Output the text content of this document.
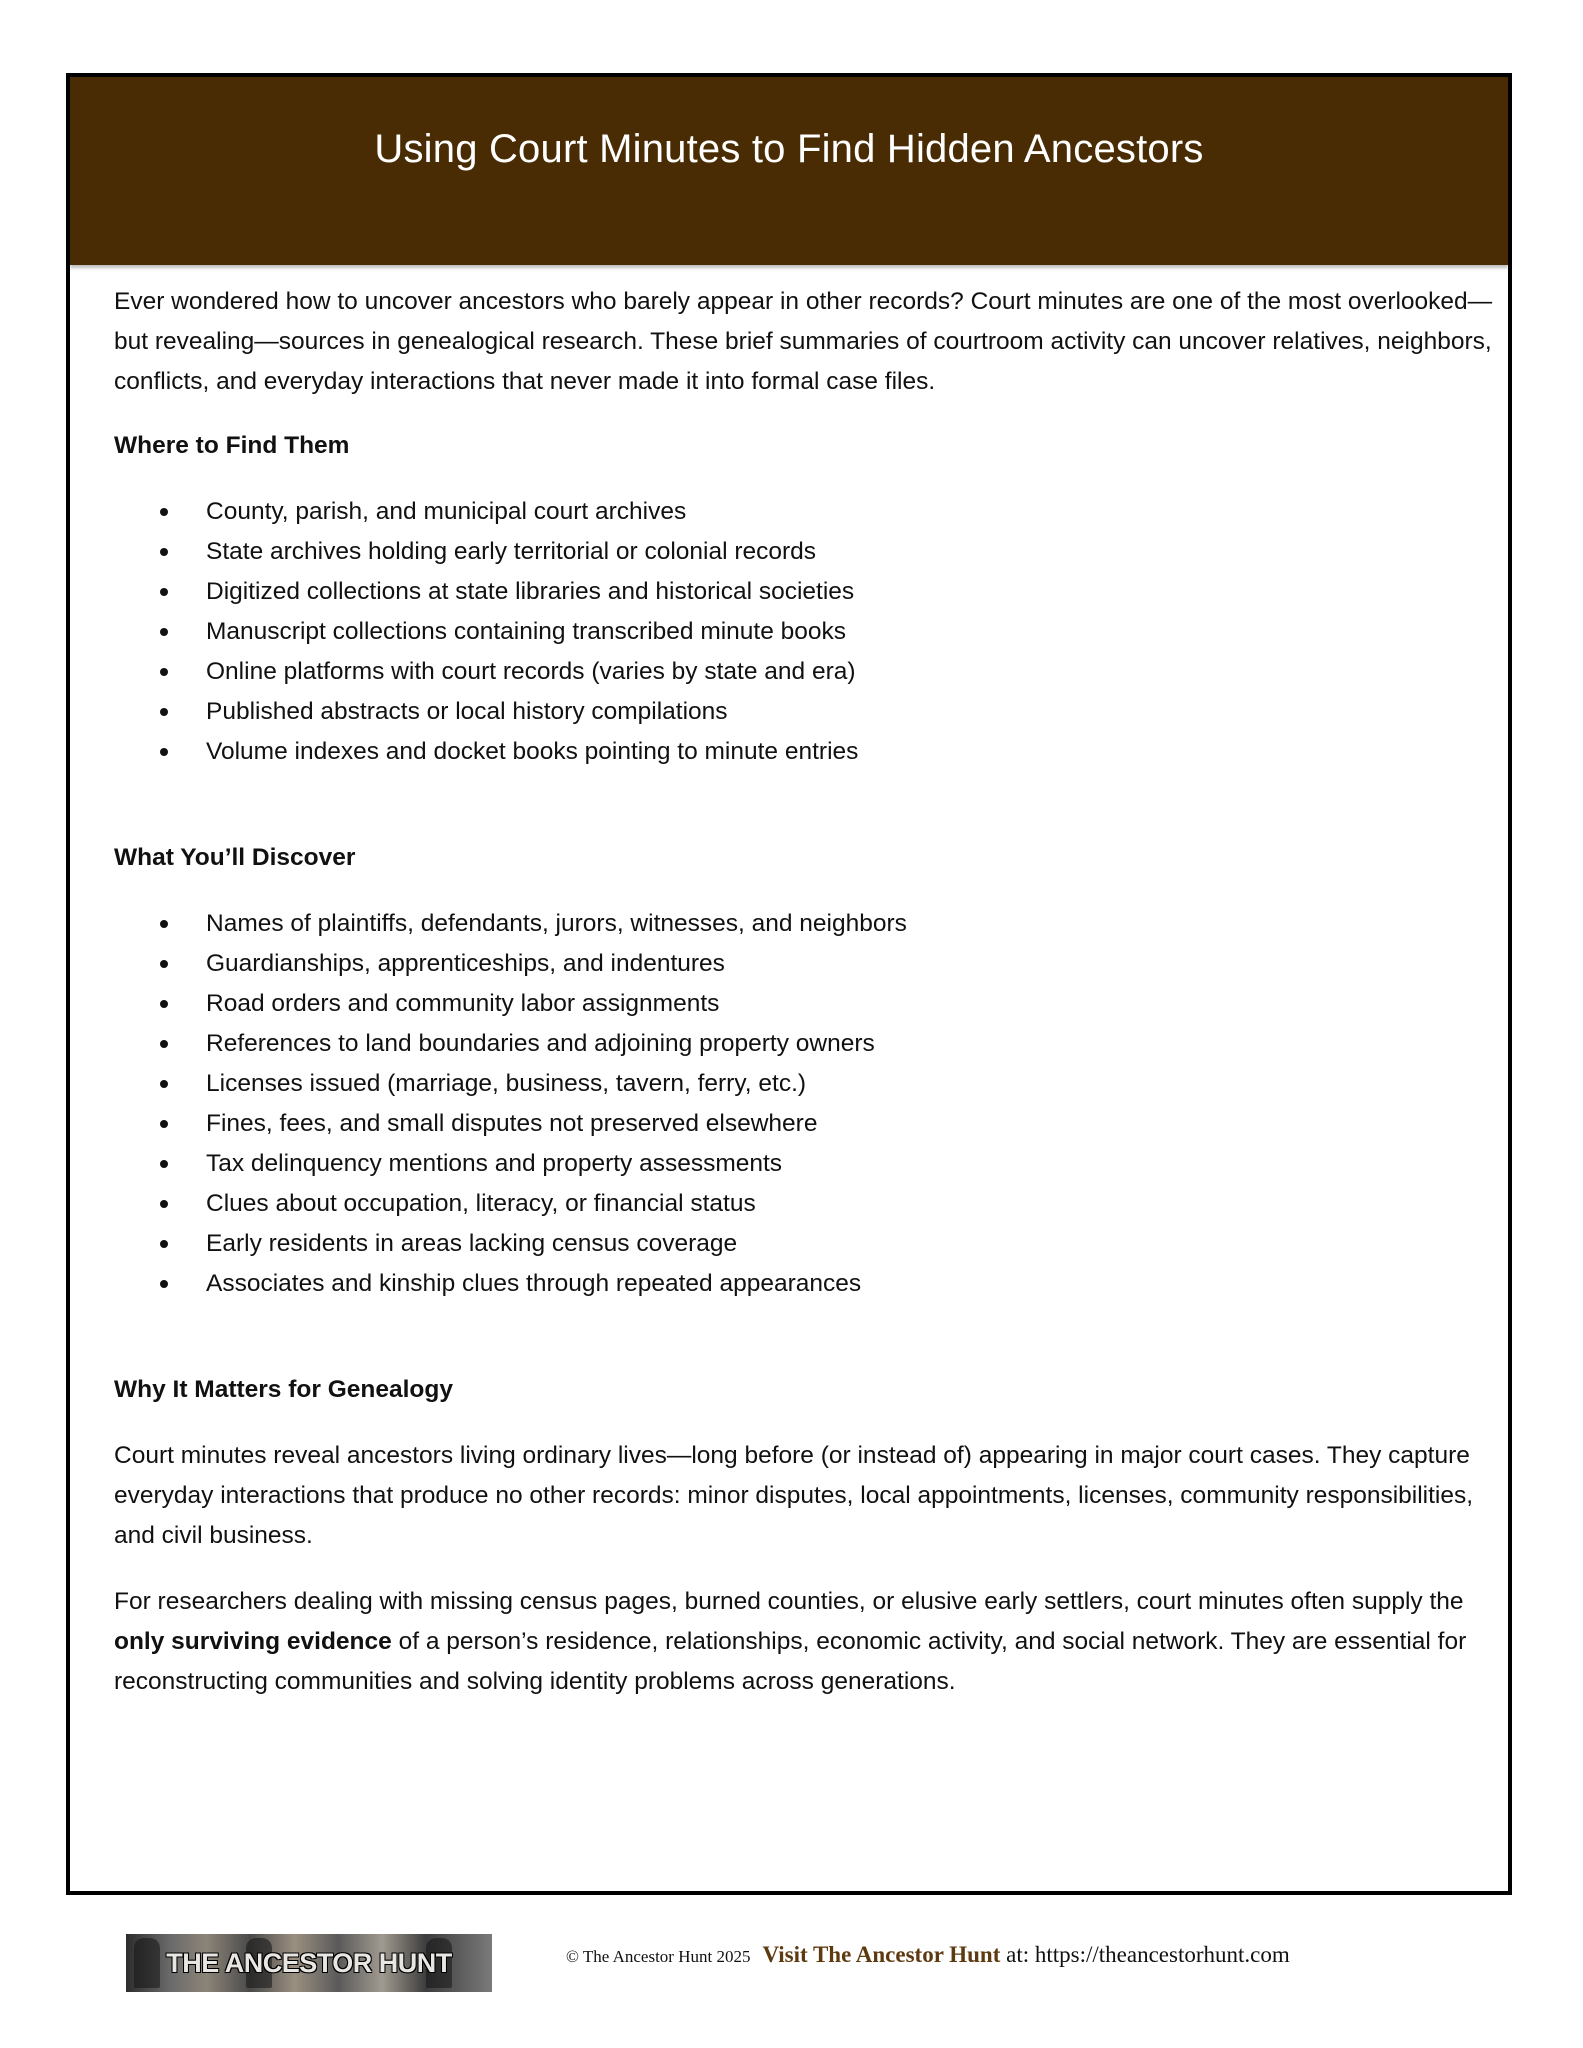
Using Court Minutes to Find Hidden Ancestors

Ever wondered how to uncover ancestors who barely appear in other records? Court minutes are one of the most overlooked—but revealing—sources in genealogical research. These brief summaries of courtroom activity can uncover relatives, neighbors, conflicts, and everyday interactions that never made it into formal case files.

Where to Find Them

County, parish, and municipal court archives
State archives holding early territorial or colonial records
Digitized collections at state libraries and historical societies
Manuscript collections containing transcribed minute books
Online platforms with court records (varies by state and era)
Published abstracts or local history compilations
Volume indexes and docket books pointing to minute entries

What You’ll Discover

Names of plaintiffs, defendants, jurors, witnesses, and neighbors
Guardianships, apprenticeships, and indentures
Road orders and community labor assignments
References to land boundaries and adjoining property owners
Licenses issued (marriage, business, tavern, ferry, etc.)
Fines, fees, and small disputes not preserved elsewhere
Tax delinquency mentions and property assessments
Clues about occupation, literacy, or financial status
Early residents in areas lacking census coverage
Associates and kinship clues through repeated appearances

Why It Matters for Genealogy

Court minutes reveal ancestors living ordinary lives—long before (or instead of) appearing in major court cases. They capture everyday interactions that produce no other records: minor disputes, local appointments, licenses, community responsibilities, and civil business.

For researchers dealing with missing census pages, burned counties, or elusive early settlers, court minutes often supply the only surviving evidence of a person’s residence, relationships, economic activity, and social network. They are essential for reconstructing communities and solving identity problems across generations.

THE ANCESTOR HUNT	© The Ancestor Hunt 2025 Visit The Ancestor Hunt at: https://theancestorhunt.com
